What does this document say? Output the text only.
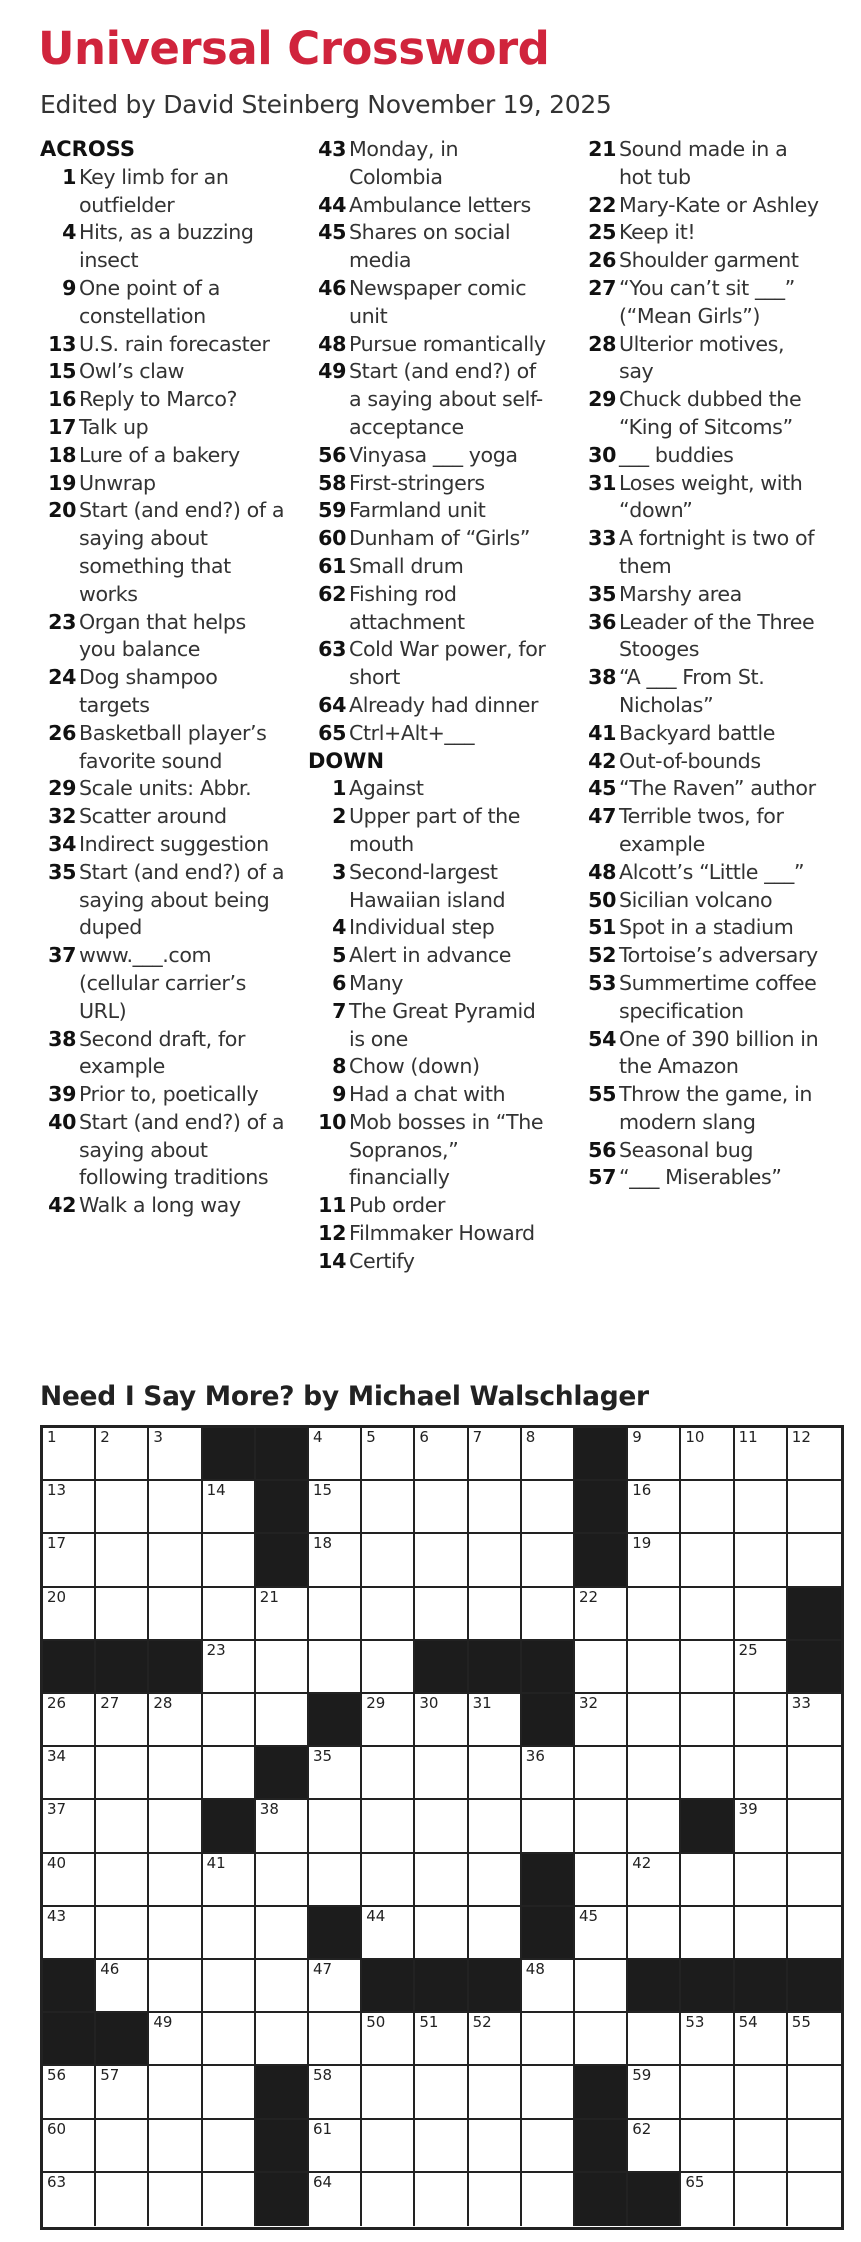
Universal Crossword
Edited by David Steinberg November 19, 2025
ACROSS
1 Key limb for an outfielder
4 Hits, as a buzzing insect
9 One point of a constellation
13 U.S. rain forecaster
15 Owl’s claw
16 Reply to Marco?
17 Talk up
18 Lure of a bakery
19 Unwrap
20 Start (and end?) of a saying about something that works
23 Organ that helps you balance
24 Dog shampoo targets
26 Basketball player’s favorite sound
29 Scale units: Abbr.
32 Scatter around
34 Indirect suggestion
35 Start (and end?) of a saying about being duped
37 www.___.com (cellular carrier’s URL)
38 Second draft, for example
39 Prior to, poetically
40 Start (and end?) of a saying about following traditions
42 Walk a long way
43 Monday, in Colombia
44 Ambulance letters
45 Shares on social media
46 Newspaper comic unit
48 Pursue romantically
49 Start (and end?) of a saying about self-acceptance
56 Vinyasa ___ yoga
58 First-stringers
59 Farmland unit
60 Dunham of “Girls”
61 Small drum
62 Fishing rod attachment
63 Cold War power, for short
64 Already had dinner
65 Ctrl+Alt+___
DOWN
1 Against
2 Upper part of the mouth
3 Second-largest Hawaiian island
4 Individual step
5 Alert in advance
6 Many
7 The Great Pyramid is one
8 Chow (down)
9 Had a chat with
10 Mob bosses in “The Sopranos,” financially
11 Pub order
12 Filmmaker Howard
14 Certify
21 Sound made in a hot tub
22 Mary-Kate or Ashley
25 Keep it!
26 Shoulder garment
27 “You can’t sit ___” (“Mean Girls”)
28 Ulterior motives, say
29 Chuck dubbed the “King of Sitcoms”
30 ___ buddies
31 Loses weight, with “down”
33 A fortnight is two of them
35 Marshy area
36 Leader of the Three Stooges
38 “A ___ From St. Nicholas”
41 Backyard battle
42 Out-of-bounds
45 “The Raven” author
47 Terrible twos, for example
48 Alcott’s “Little ___”
50 Sicilian volcano
51 Spot in a stadium
52 Tortoise’s adversary
53 Summertime coffee specification
54 One of 390 billion in the Amazon
55 Throw the game, in modern slang
56 Seasonal bug
57 “___ Miserables”
Need I Say More? by Michael Walschlager
1	2	3	4	5	6	7	8	9	10 11 12
13	14	15	16
17	18	19
20	21	22
23	25
26 27 28	29 30 31	32	33
34	35	36
37	38	39
40	41	42
43	44	45
46	47	48
49	50 51 52	53 54 55
56 57	58	59
60	61	62
63	64	65
